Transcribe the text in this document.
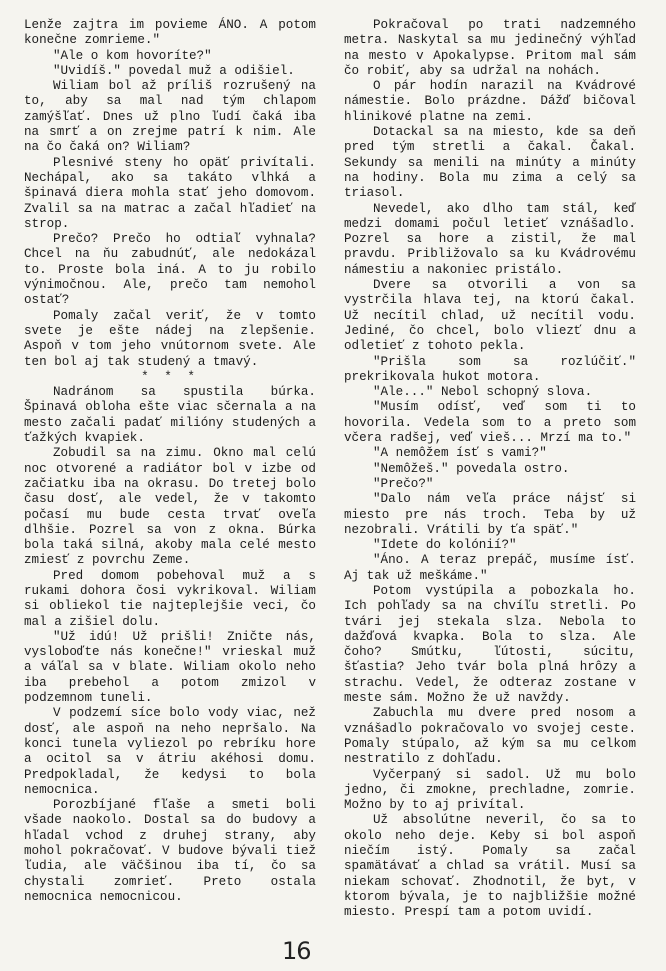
Lenže zajtra im povieme ÁNO. A potom konečne zomrieme."

"Ale o kom hovoríte?"

"Uvidíš." povedal muž a odišiel.

Wiliam bol až príliš rozrušený na to, aby sa mal nad tým chlapom zamýšľať. Dnes už plno ľudí čaká iba na smrť a on zrejme patrí k nim. Ale na čo čaká on? Wiliam?

Plesnivé steny ho opäť privítali. Nechápal, ako sa takáto vlhká a špinavá diera mohla stať jeho domovom. Zvalil sa na matrac a začal hľadieť na strop.

Prečo? Prečo ho odtiaľ vyhnala? Chcel na ňu zabudnúť, ale nedokázal to. Proste bola iná. A to ju robilo výnimočnou. Ale, prečo tam nemohol ostať?

Pomaly začal veriť, že v tomto svete je ešte nádej na zlepšenie. Aspoň v tom jeho vnútornom svete. Ale ten bol aj tak studený a tmavý.

* * *

Nadránom sa spustila búrka. Špinavá obloha ešte viac sčernala a na mesto začali padať milióny studených a ťažkých kvapiek.

Zobudil sa na zimu. Okno mal celú noc otvorené a radiátor bol v izbe od začiatku iba na okrasu. Do tretej bolo času dosť, ale vedel, že v takomto počasí mu bude cesta trvať oveľa dlhšie. Pozrel sa von z okna. Búrka bola taká silná, akoby mala celé mesto zmiesť z povrchu Zeme.

Pred domom pobehoval muž a s rukami dohora čosi vykrikoval. Wiliam si obliekol tie najteplejšie veci, čo mal a zišiel dolu.

"Už idú! Už prišli! Zničte nás, vysloboďte nás konečne!" vrieskal muž a váľal sa v blate. Wiliam okolo neho iba prebehol a potom zmizol v podzemnom tuneli.

V podzemí síce bolo vody viac, než dosť, ale aspoň na neho nepršalo. Na konci tunela vyliezol po rebríku hore a ocitol sa v átriu akéhosi domu. Predpokladal, že kedysi to bola nemocnica.

Porozbíjané fľaše a smeti boli všade naokolo. Dostal sa do budovy a hľadal vchod z druhej strany, aby mohol pokračovať. V budove bývali tiež ľudia, ale väčšinou iba tí, čo sa chystali zomrieť. Preto ostala nemocnica nemocnicou.

Pokračoval po trati nadzemného metra. Naskytal sa mu jedinečný výhľad na mesto v Apokalypse. Pritom mal sám čo robiť, aby sa udržal na nohách.

O pár hodín narazil na Kvádrové námestie. Bolo prázdne. Dážď bičoval hlinikové platne na zemi.

Dotackal sa na miesto, kde sa deň pred tým stretli a čakal. Čakal. Sekundy sa menili na minúty a minúty na hodiny. Bola mu zima a celý sa triasol.

Nevedel, ako dlho tam stál, keď medzi domami počul letieť vznášadlo. Pozrel sa hore a zistil, že mal pravdu. Približovalo sa ku Kvádrovému námestiu a nakoniec pristálo.

Dvere sa otvorili a von sa vystrčila hlava tej, na ktorú čakal. Už necítil chlad, už necítil vodu. Jediné, čo chcel, bolo vliezť dnu a odletieť z tohoto pekla.

"Prišla som sa rozlúčiť." prekrikovala hukot motora.

"Ale..." Nebol schopný slova.

"Musím odísť, veď som ti to hovorila. Vedela som to a preto som včera radšej, veď vieš... Mrzí ma to."

"A nemôžem ísť s vami?"

"Nemôžeš." povedala ostro.

"Prečo?"

"Dalo nám veľa práce nájsť si miesto pre nás troch. Teba by už nezobrali. Vrátili by ťa späť."

"Idete do kolónií?"

"Áno. A teraz prepáč, musíme ísť. Aj tak už meškáme."

Potom vystúpila a pobozkala ho. Ich pohľady sa na chvíľu stretli. Po tvári jej stekala slza. Nebola to dažďová kvapka. Bola to slza. Ale čoho? Smútku, ľútosti, súcitu, šťastia? Jeho tvár bola plná hrôzy a strachu. Vedel, že odteraz zostane v meste sám. Možno že už navždy.

Zabuchla mu dvere pred nosom a vznášadlo pokračovalo vo svojej ceste. Pomaly stúpalo, až kým sa mu celkom nestratilo z dohľadu.

Vyčerpaný si sadol. Už mu bolo jedno, či zmokne, prechladne, zomrie. Možno by to aj privítal.

Už absolútne neveril, čo sa to okolo neho deje. Keby si bol aspoň niečím istý. Pomaly sa začal spamätávať a chlad sa vrátil. Musí sa niekam schovať. Zhodnotil, že byt, v ktorom bývala, je to najbližšie možné miesto. Prespí tam a potom uvidí.

16
